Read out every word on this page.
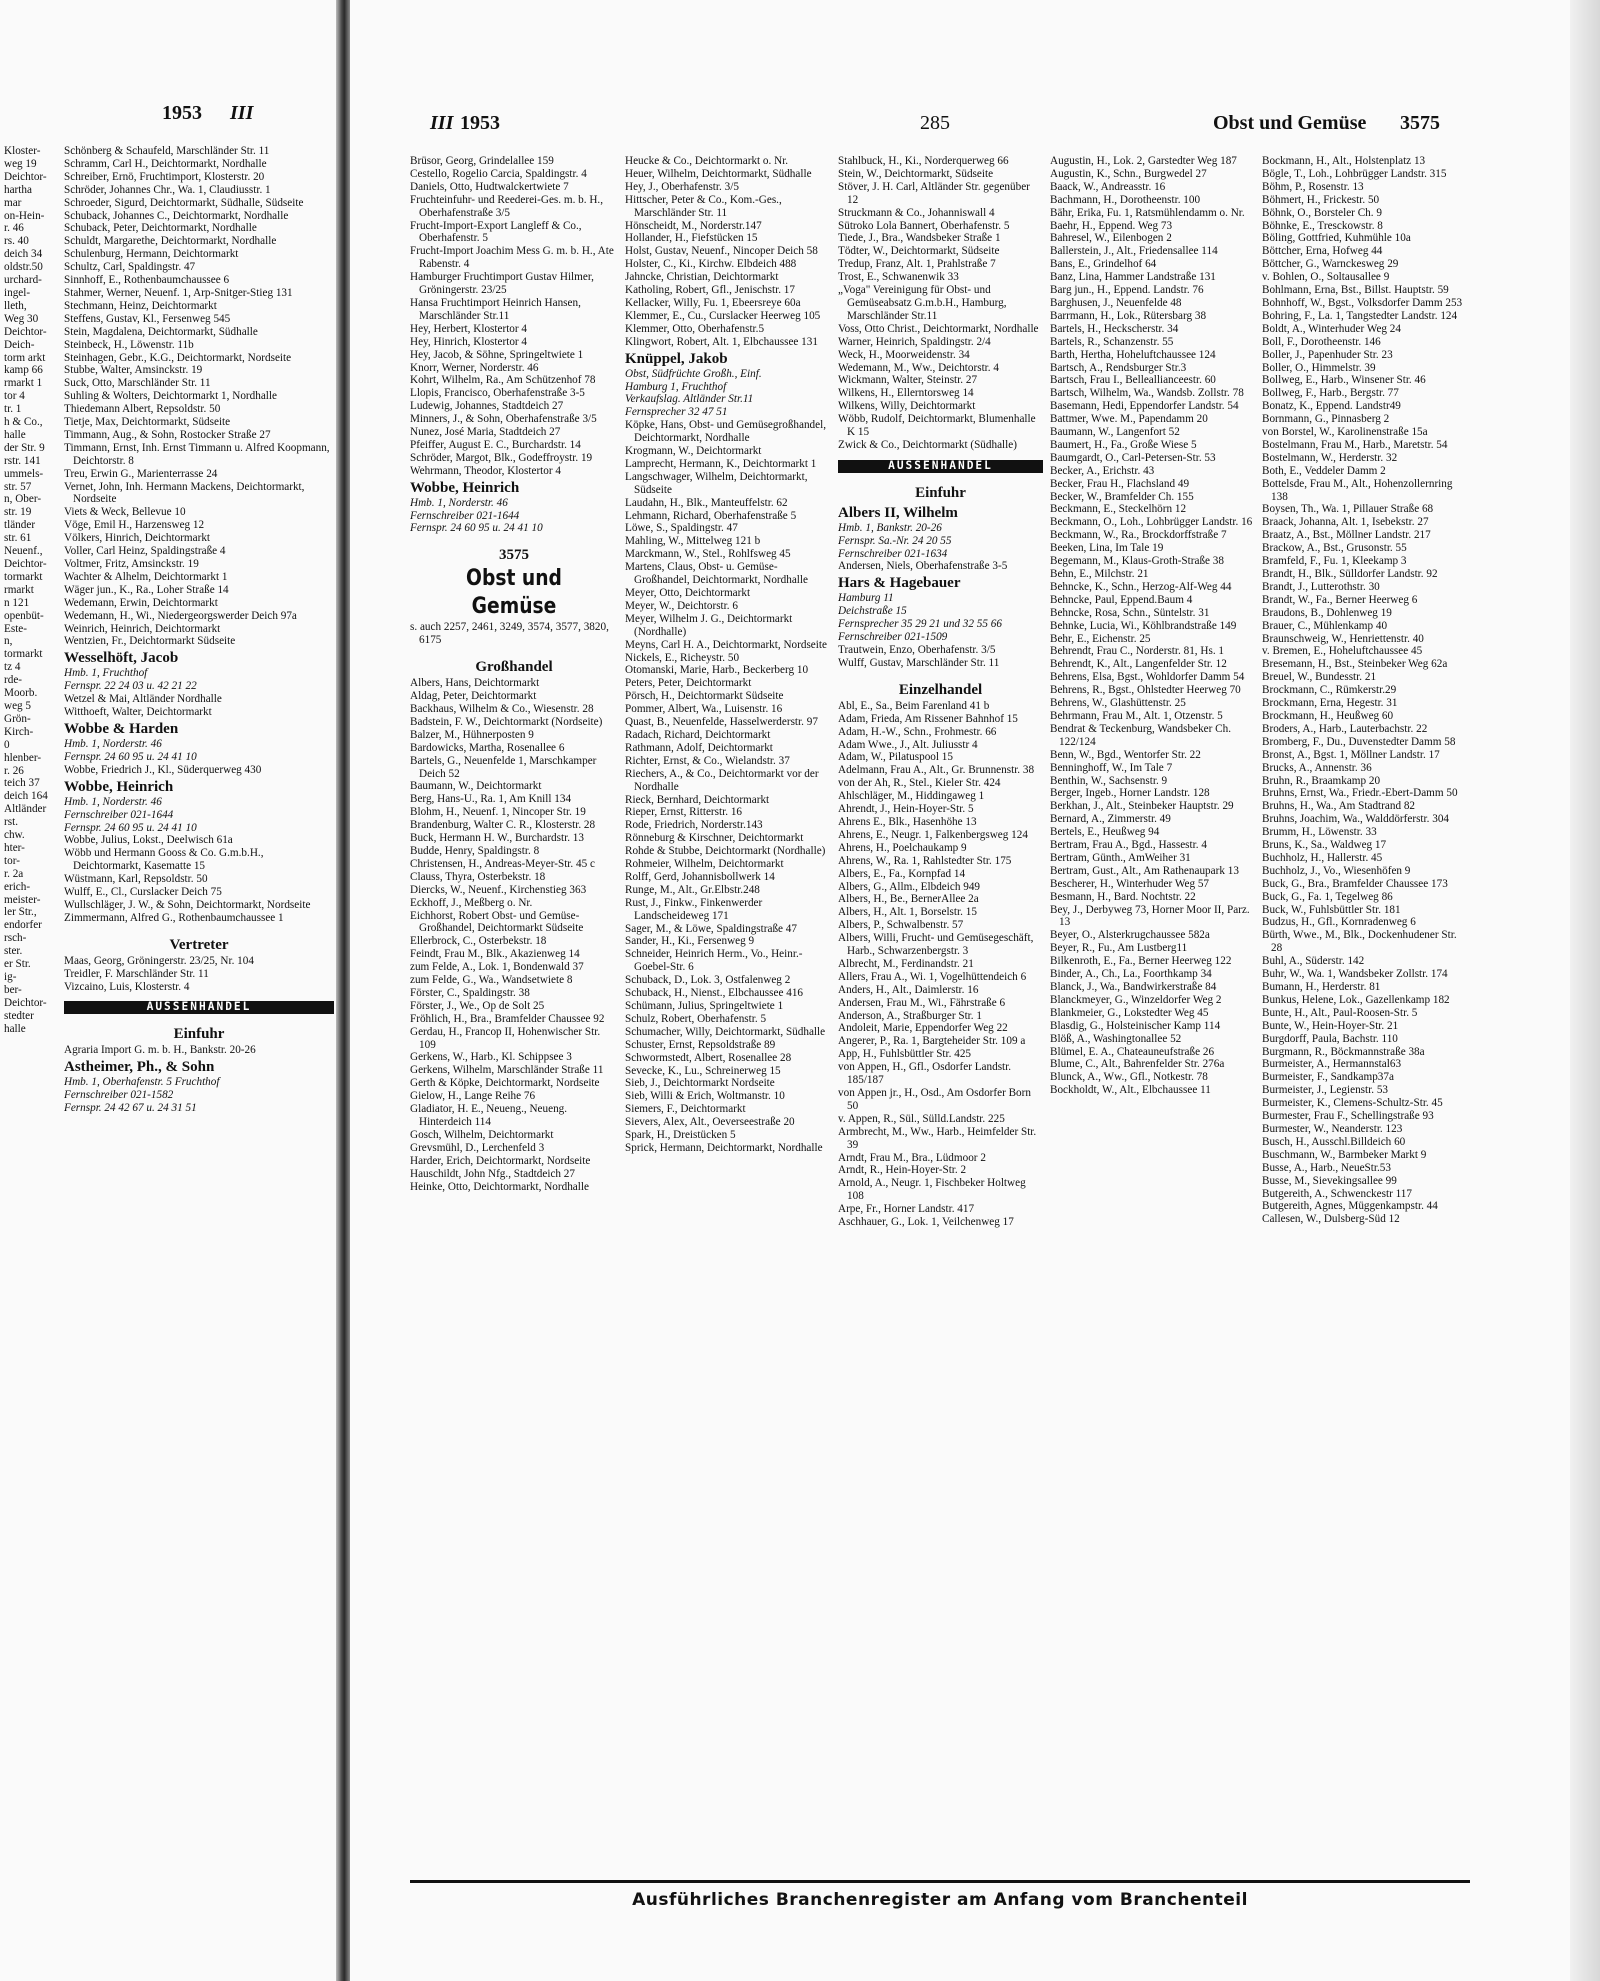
1953 III	III 1953	285	Obst und Gemüse 3575

Kloster-

weg 19

Deichtor-

hartha

mar

on-Hein-

r. 46

rs. 40

deich 34

oldstr.50

urchard-

ingel-

lleth,

Weg 30

Deichtor-

Deich-

torm arkt

kamp 66

rmarkt 1

tor 4

tr. 1

h & Co.,

halle

der Str. 9

rstr. 141

ummels-

str. 57

n, Ober-

str. 19

tländer

str. 61

Neuenf.,

Deichtor-

tormarkt

rmarkt

n 121

openbüt-

Este-

n,

tormarkt

tz 4

rde-

Moorb.

weg 5

Grön-

Kirch-

0

hlenber-

r. 26

teich 37

deich 164

Altländer

rst.

chw.

hter-

tor-

r. 2a

erich-

meister-

ler Str.,

endorfer

rsch-

ster.

er Str.

ig-

ber-

Deichtor-

stedter

halle

Schönberg & Schaufeld, Marschländer Str. 11

Schramm, Carl H., Deichtormarkt, Nordhalle

Schreiber, Ernö, Fruchtimport, Klosterstr. 20

Schröder, Johannes Chr., Wa. 1, Claudiusstr. 1

Schroeder, Sigurd, Deichtormarkt, Südhalle, Südseite

Schuback, Johannes C., Deichtormarkt, Nordhalle

Schuback, Peter, Deichtormarkt, Nordhalle

Schuldt, Margarethe, Deichtormarkt, Nordhalle

Schulenburg, Hermann, Deichtormarkt

Schultz, Carl, Spaldingstr. 47

Sinnhoff, E., Rothenbaumchaussee 6

Stahmer, Werner, Neuenf. 1, Arp-Snitger-Stieg 131

Stechmann, Heinz, Deichtormarkt

Steffens, Gustav, Kl., Fersenweg 545

Stein, Magdalena, Deichtormarkt, Südhalle

Steinbeck, H., Löwenstr. 11b

Steinhagen, Gebr., K.G., Deichtormarkt, Nordseite

Stubbe, Walter, Amsinckstr. 19

Suck, Otto, Marschländer Str. 11

Suhling & Wolters, Deichtormarkt 1, Nordhalle

Thiedemann Albert, Repsoldstr. 50

Tietje, Max, Deichtormarkt, Südseite

Timmann, Aug., & Sohn, Rostocker Straße 27

Timmann, Ernst, Inh. Ernst Timmann u. Alfred Koopmann, Deichtorstr. 8

Treu, Erwin G., Marienterrasse 24

Vernet, John, Inh. Hermann Mackens, Deichtormarkt, Nordseite

Viets & Weck, Bellevue 10

Vöge, Emil H., Harzensweg 12

Völkers, Hinrich, Deichtormarkt

Voller, Carl Heinz, Spaldingstraße 4

Voltmer, Fritz, Amsinckstr. 19

Wachter & Alhelm, Deichtormarkt 1

Wäger jun., K., Ra., Loher Straße 14

Wedemann, Erwin, Deichtormarkt

Wedemann, H., Wi., Niedergeorgswerder Deich 97a

Weinrich, Heinrich, Deichtormarkt

Wentzien, Fr., Deichtormarkt Südseite

Wesselhöft, Jacob

Hmb. 1, Fruchthof

Fernspr. 22 24 03 u. 42 21 22

Wetzel & Mai, Altländer Nordhalle

Witthoeft, Walter, Deichtormarkt

Wobbe & Harden

Hmb. 1, Norderstr. 46

Fernspr. 24 60 95 u. 24 41 10

Wobbe, Friedrich J., Kl., Süderquerweg 430

Wobbe, Heinrich

Hmb. 1, Norderstr. 46

Fernschreiber 021-1644

Fernspr. 24 60 95 u. 24 41 10

Wobbe, Julius, Lokst., Deelwisch 61a

Wöbb und Hermann Gooss & Co. G.m.b.H., Deichtormarkt, Kasematte 15

Wüstmann, Karl, Repsoldstr. 50

Wulff, E., Cl., Curslacker Deich 75

Wullschläger, J. W., & Sohn, Deichtormarkt, Nordseite

Zimmermann, Alfred G., Rothenbaumchaussee 1

Vertreter

Maas, Georg, Gröningerstr. 23/25, Nr. 104

Treidler, F. Marschländer Str. 11

Vizcaino, Luis, Klosterstr. 4

AUSSENHANDEL

Einfuhr

Agraria Import G. m. b. H., Bankstr. 20-26

Astheimer, Ph., & Sohn

Hmb. 1, Oberhafenstr. 5 Fruchthof

Fernschreiber 021-1582

Fernspr. 24 42 67 u. 24 31 51

Brüsor, Georg, Grindelallee 159

Cestello, Rogelio Carcia, Spaldingstr. 4

Daniels, Otto, Hudtwalckertwiete 7

Fruchteinfuhr- und Reederei-Ges. m. b. H., Oberhafenstraße 3/5

Frucht-Import-Export Langleff & Co., Oberhafenstr. 5

Frucht-Import Joachim Mess G. m. b. H., Ate Rabenstr. 4

Hamburger Fruchtimport Gustav Hilmer, Gröningerstr. 23/25

Hansa Fruchtimport Heinrich Hansen, Marschländer Str.11

Hey, Herbert, Klostertor 4

Hey, Hinrich, Klostertor 4

Hey, Jacob, & Söhne, Springeltwiete 1

Knorr, Werner, Norderstr. 46

Kohrt, Wilhelm, Ra., Am Schützenhof 78

Llopis, Francisco, Oberhafenstraße 3-5

Ludewig, Johannes, Stadtdeich 27

Minners, J., & Sohn, Oberhafenstraße 3/5

Nunez, José Maria, Stadtdeich 27

Pfeiffer, August E. C., Burchardstr. 14

Schröder, Margot, Blk., Godeffroystr. 19

Wehrmann, Theodor, Klostertor 4

Wobbe, Heinrich

Hmb. 1, Norderstr. 46

Fernschreiber 021-1644

Fernspr. 24 60 95 u. 24 41 10

3575

Obst und Gemüse

s. auch 2257, 2461, 3249, 3574, 3577, 3820, 6175

Großhandel

Albers, Hans, Deichtormarkt

Aldag, Peter, Deichtormarkt

Backhaus, Wilhelm & Co., Wiesenstr. 28

Badstein, F. W., Deichtormarkt (Nordseite)

Balzer, M., Hühnerposten 9

Bardowicks, Martha, Rosenallee 6

Bartels, G., Neuenfelde 1, Marschkamper Deich 52

Baumann, W., Deichtormarkt

Berg, Hans-U., Ra. 1, Am Knill 134

Blohm, H., Neuenf. 1, Nincoper Str. 19

Brandenburg, Walter C. R., Klosterstr. 28

Buck, Hermann H. W., Burchardstr. 13

Budde, Henry, Spaldingstr. 8

Christensen, H., Andreas-Meyer-Str. 45 c

Clauss, Thyra, Osterbekstr. 18

Diercks, W., Neuenf., Kirchenstieg 363

Eckhoff, J., Meßberg o. Nr.

Eichhorst, Robert Obst- und Gemüse-Großhandel, Deichtormarkt Südseite

Ellerbrock, C., Osterbekstr. 18

Feindt, Frau M., Blk., Akazienweg 14

zum Felde, A., Lok. 1, Bondenwald 37

zum Felde, G., Wa., Wandsetwiete 8

Förster, C., Spaldingstr. 38

Förster, J., We., Op de Solt 25

Fröhlich, H., Bra., Bramfelder Chaussee 92

Gerdau, H., Francop II, Hohenwischer Str. 109

Gerkens, W., Harb., Kl. Schippsee 3

Gerkens, Wilhelm, Marschländer Straße 11

Gerth & Köpke, Deichtormarkt, Nordseite

Gielow, H., Lange Reihe 76

Gladiator, H. E., Neueng., Neueng. Hinterdeich 114

Gosch, Wilhelm, Deichtormarkt

Grevsmühl, D., Lerchenfeld 3

Harder, Erich, Deichtormarkt, Nordseite

Hauschildt, John Nfg., Stadtdeich 27

Heinke, Otto, Deichtormarkt, Nordhalle

Heucke & Co., Deichtormarkt o. Nr.

Heuer, Wilhelm, Deichtormarkt, Südhalle

Hey, J., Oberhafenstr. 3/5

Hittscher, Peter & Co., Kom.-Ges., Marschländer Str. 11

Hönscheidt, M., Norderstr.147

Hollander, H., Fiefstücken 15

Holst, Gustav, Neuenf., Nincoper Deich 58

Holster, C., Ki., Kirchw. Elbdeich 488

Jahncke, Christian, Deichtormarkt

Katholing, Robert, Gfl., Jenischstr. 17

Kellacker, Willy, Fu. 1, Ebeersreye 60a

Klemmer, E., Cu., Curslacker Heerweg 105

Klemmer, Otto, Oberhafenstr.5

Klingwort, Robert, Alt. 1, Elbchaussee 131

Knüppel, Jakob

Obst, Südfrüchte Großh., Einf.

Hamburg 1, Fruchthof

Verkaufslag. Altländer Str.11

Fernsprecher 32 47 51

Köpke, Hans, Obst- und Gemüsegroßhandel, Deichtormarkt, Nordhalle

Krogmann, W., Deichtormarkt

Lamprecht, Hermann, K., Deichtormarkt 1

Langschwager, Wilhelm, Deichtormarkt, Südseite

Laudahn, H., Blk., Manteuffelstr. 62

Lehmann, Richard, Oberhafenstraße 5

Löwe, S., Spaldingstr. 47

Mahling, W., Mittelweg 121 b

Marckmann, W., Stel., Rohlfsweg 45

Martens, Claus, Obst- u. Gemüse-Großhandel, Deichtormarkt, Nordhalle

Meyer, Otto, Deichtormarkt

Meyer, W., Deichtorstr. 6

Meyer, Wilhelm J. G., Deichtormarkt (Nordhalle)

Meyns, Carl H. A., Deichtormarkt, Nordseite

Nickels, E., Richeystr. 50

Otomanski, Marie, Harb., Beckerberg 10

Peters, Peter, Deichtormarkt

Pörsch, H., Deichtormarkt Südseite

Pommer, Albert, Wa., Luisenstr. 16

Quast, B., Neuenfelde, Hasselwerderstr. 97

Radach, Richard, Deichtormarkt

Rathmann, Adolf, Deichtormarkt

Richter, Ernst, & Co., Wielandstr. 37

Riechers, A., & Co., Deichtormarkt vor der Nordhalle

Rieck, Bernhard, Deichtormarkt

Rieper, Ernst, Ritterstr. 16

Rode, Friedrich, Norderstr.143

Rönneburg & Kirschner, Deichtormarkt

Rohde & Stubbe, Deichtormarkt (Nordhalle)

Rohmeier, Wilhelm, Deichtormarkt

Rolff, Gerd, Johannisbollwerk 14

Runge, M., Alt., Gr.Elbstr.248

Rust, J., Finkw., Finkenwerder Landscheideweg 171

Sager, M., & Löwe, Spaldingstraße 47

Sander, H., Ki., Fersenweg 9

Schneider, Heinrich Herm., Vo., Heinr.-Goebel-Str. 6

Schuback, D., Lok. 3, Ostfalenweg 2

Schuback, H., Nienst., Elbchaussee 416

Schümann, Julius, Springeltwiete 1

Schulz, Robert, Oberhafenstr. 5

Schumacher, Willy, Deichtormarkt, Südhalle

Schuster, Ernst, Repsoldstraße 89

Schwormstedt, Albert, Rosenallee 28

Sevecke, K., Lu., Schreinerweg 15

Sieb, J., Deichtormarkt Nordseite

Sieb, Willi & Erich, Woltmanstr. 10

Siemers, F., Deichtormarkt

Sievers, Alex, Alt., Oeverseestraße 20

Spark, H., Dreistücken 5

Sprick, Hermann, Deichtormarkt, Nordhalle

Stahlbuck, H., Ki., Norderquerweg 66

Stein, W., Deichtormarkt, Südseite

Stöver, J. H. Carl, Altländer Str. gegenüber 12

Struckmann & Co., Johanniswall 4

Sütroko Lola Bannert, Oberhafenstr. 5

Tiede, J., Bra., Wandsbeker Straße 1

Tödter, W., Deichtormarkt, Südseite

Tredup, Franz, Alt. 1, Prahlstraße 7

Trost, E., Schwanenwik 33

„Voga" Vereinigung für Obst- und Gemüseabsatz G.m.b.H., Hamburg, Marschländer Str.11

Voss, Otto Christ., Deichtormarkt, Nordhalle

Warner, Heinrich, Spaldingstr. 2/4

Weck, H., Moorweidenstr. 34

Wedemann, M., Ww., Deichtorstr. 4

Wickmann, Walter, Steinstr. 27

Wilkens, H., Ellerntorsweg 14

Wilkens, Willy, Deichtormarkt

Wöbb, Rudolf, Deichtormarkt, Blumenhalle K 15

Zwick & Co., Deichtormarkt (Südhalle)

AUSSENHANDEL

Einfuhr

Albers II, Wilhelm

Hmb. 1, Bankstr. 20-26

Fernspr. Sa.-Nr. 24 20 55

Fernschreiber 021-1634

Andersen, Niels, Oberhafenstraße 3-5

Hars & Hagebauer

Hamburg 11

Deichstraße 15

Fernsprecher 35 29 21 und 32 55 66

Fernschreiber 021-1509

Trautwein, Enzo, Oberhafenstr. 3/5

Wulff, Gustav, Marschländer Str. 11

Einzelhandel

Abl, E., Sa., Beim Farenland 41 b

Adam, Frieda, Am Rissener Bahnhof 15

Adam, H.-W., Schn., Frohmestr. 66

Adam Wwe., J., Alt. Juliusstr 4

Adam, W., Pilatuspool 15

Adelmann, Frau A., Alt., Gr. Brunnenstr. 38

von der Ah, R., Stel., Kieler Str. 424

Ahlschläger, M., Hiddingaweg 1

Ahrendt, J., Hein-Hoyer-Str. 5

Ahrens E., Blk., Hasenhöhe 13

Ahrens, E., Neugr. 1, Falkenbergsweg 124

Ahrens, H., Poelchaukamp 9

Ahrens, W., Ra. 1, Rahlstedter Str. 175

Albers, E., Fa., Kornpfad 14

Albers, G., Allm., Elbdeich 949

Albers, H., Be., BernerAllee 2a

Albers, H., Alt. 1, Borselstr. 15

Albers, P., Schwalbenstr. 57

Albers, Willi, Frucht- und Gemüsegeschäft, Harb., Schwarzenbergstr. 3

Albrecht, M., Ferdinandstr. 21

Allers, Frau A., Wi. 1, Vogelhüttendeich 6

Anders, H., Alt., Daimlerstr. 16

Andersen, Frau M., Wi., Fährstraße 6

Anderson, A., Straßburger Str. 1

Andoleit, Marie, Eppendorfer Weg 22

Angerer, P., Ra. 1, Bargteheider Str. 109 a

App, H., Fuhlsbüttler Str. 425

von Appen, H., Gfl., Osdorfer Landstr. 185/187

von Appen jr., H., Osd., Am Osdorfer Born 50

v. Appen, R., Sül., Sülld.Landstr. 225

Armbrecht, M., Ww., Harb., Heimfelder Str. 39

Arndt, Frau M., Bra., Lüdmoor 2

Arndt, R., Hein-Hoyer-Str. 2

Arnold, A., Neugr. 1, Fischbeker Holtweg 108

Arpe, Fr., Horner Landstr. 417

Aschhauer, G., Lok. 1, Veilchenweg 17

Augustin, H., Lok. 2, Garstedter Weg 187

Augustin, K., Schn., Burgwedel 27

Baack, W., Andreasstr. 16

Bachmann, H., Dorotheenstr. 100

Bähr, Erika, Fu. 1, Ratsmühlendamm o. Nr.

Baehr, H., Eppend. Weg 73

Bahresel, W., Eilenbogen 2

Ballerstein, J., Alt., Friedensallee 114

Bans, E., Grindelhof 64

Banz, Lina, Hammer Landstraße 131

Barg jun., H., Eppend. Landstr. 76

Barghusen, J., Neuenfelde 48

Barrmann, H., Lok., Rütersbarg 38

Bartels, H., Heckscherstr. 34

Bartels, R., Schanzenstr. 55

Barth, Hertha, Hoheluftchaussee 124

Bartsch, A., Rendsburger Str.3

Bartsch, Frau I., Belleallianceestr. 60

Bartsch, Wilhelm, Wa., Wandsb. Zollstr. 78

Basemann, Hedi, Eppendorfer Landstr. 54

Battmer, Wwe. M., Papendamm 20

Baumann, W., Langenfort 52

Baumert, H., Fa., Große Wiese 5

Baumgardt, O., Carl-Petersen-Str. 53

Becker, A., Erichstr. 43

Becker, Frau H., Flachsland 49

Becker, W., Bramfelder Ch. 155

Beckmann, E., Steckelhörn 12

Beckmann, O., Loh., Lohbrügger Landstr. 16

Beckmann, W., Ra., Brockdorffstraße 7

Beeken, Lina, Im Tale 19

Begemann, M., Klaus-Groth-Straße 38

Behn, E., Milchstr. 21

Behncke, K., Schn., Herzog-Alf-Weg 44

Behncke, Paul, Eppend.Baum 4

Behncke, Rosa, Schn., Süntelstr. 31

Behnke, Lucia, Wi., Köhlbrandstraße 149

Behr, E., Eichenstr. 25

Behrendt, Frau C., Norderstr. 81, Hs. 1

Behrendt, K., Alt., Langenfelder Str. 12

Behrens, Elsa, Bgst., Wohldorfer Damm 54

Behrens, R., Bgst., Ohlstedter Heerweg 70

Behrens, W., Glashüttenstr. 25

Behrmann, Frau M., Alt. 1, Otzenstr. 5

Bendrat & Teckenburg, Wandsbeker Ch. 122/124

Benn, W., Bgd., Wentorfer Str. 22

Benninghoff, W., Im Tale 7

Benthin, W., Sachsenstr. 9

Berger, Ingeb., Horner Landstr. 128

Berkhan, J., Alt., Steinbeker Hauptstr. 29

Bernard, A., Zimmerstr. 49

Bertels, E., Heußweg 94

Bertram, Frau A., Bgd., Hassestr. 4

Bertram, Günth., AmWeiher 31

Bertram, Gust., Alt., Am Rathenaupark 13

Bescherer, H., Winterhuder Weg 57

Besmann, H., Bard. Nochtstr. 22

Bey, J., Derbyweg 73, Horner Moor II, Parz. 13

Beyer, O., Alsterkrugchaussee 582a

Beyer, R., Fu., Am Lustberg11

Bilkenroth, E., Fa., Berner Heerweg 122

Binder, A., Ch., La., Foorthkamp 34

Blanck, J., Wa., Bandwirkerstraße 84

Blanckmeyer, G., Winzeldorfer Weg 2

Blankmeier, G., Lokstedter Weg 45

Blasdig, G., Holsteinischer Kamp 114

Blöß, A., Washingtonallee 52

Blümel, E. A., Chateauneufstraße 26

Blume, C., Alt., Bahrenfelder Str. 276a

Blunck, A., Ww., Gfl., Notkestr. 78

Bockholdt, W., Alt., Elbchaussee 11

Bockmann, H., Alt., Holstenplatz 13

Bögle, T., Loh., Lohbrügger Landstr. 315

Böhm, P., Rosenstr. 13

Böhmert, H., Frickestr. 50

Böhnk, O., Borsteler Ch. 9

Böhnke, E., Tresckowstr. 8

Böling, Gottfried, Kuhmühle 10a

Böttcher, Erna, Hofweg 44

Böttcher, G., Warnckesweg 29

v. Bohlen, O., Soltausallee 9

Bohlmann, Erna, Bst., Billst. Hauptstr. 59

Bohnhoff, W., Bgst., Volksdorfer Damm 253

Bohring, F., La. 1, Tangstedter Landstr. 124

Boldt, A., Winterhuder Weg 24

Boll, F., Dorotheenstr. 146

Boller, J., Papenhuder Str. 23

Boller, O., Himmelstr. 39

Bollweg, E., Harb., Winsener Str. 46

Bollweg, F., Harb., Bergstr. 77

Bonatz, K., Eppend. Landstr49

Bornmann, G., Pinnasberg 2

von Borstel, W., Karolinenstraße 15a

Bostelmann, Frau M., Harb., Maretstr. 54

Bostelmann, W., Herderstr. 32

Both, E., Veddeler Damm 2

Bottelsde, Frau M., Alt., Hohenzollernring 138

Boysen, Th., Wa. 1, Pillauer Straße 68

Braack, Johanna, Alt. 1, Isebekstr. 27

Braatz, A., Bst., Möllner Landstr. 217

Brackow, A., Bst., Grusonstr. 55

Bramfeld, F., Fu. 1, Kleekamp 3

Brandt, H., Blk., Sülldorfer Landstr. 92

Brandt, J., Lutterothstr. 30

Brandt, W., Fa., Berner Heerweg 6

Braudons, B., Dohlenweg 19

Brauer, C., Mühlenkamp 40

Braunschweig, W., Henriettenstr. 40

v. Bremen, E., Hoheluftchaussee 45

Bresemann, H., Bst., Steinbeker Weg 62a

Breuel, W., Bundesstr. 21

Brockmann, C., Rümkerstr.29

Brockmann, Erna, Hegestr. 31

Brockmann, H., Heußweg 60

Broders, A., Harb., Lauterbachstr. 22

Bromberg, F., Du., Duvenstedter Damm 58

Bronst, A., Bgst. 1, Möllner Landstr. 17

Brucks, A., Annenstr. 36

Bruhn, R., Braamkamp 20

Bruhns, Ernst, Wa., Friedr.-Ebert-Damm 50

Bruhns, H., Wa., Am Stadtrand 82

Bruhns, Joachim, Wa., Walddörferstr. 304

Brumm, H., Löwenstr. 33

Bruns, K., Sa., Waldweg 17

Buchholz, H., Hallerstr. 45

Buchholz, J., Vo., Wiesenhöfen 9

Buck, G., Bra., Bramfelder Chaussee 173

Buck, G., Fa. 1, Tegelweg 86

Buck, W., Fuhlsbüttler Str. 181

Budzus, H., Gfl., Kornradenweg 6

Bürth, Wwe., M., Blk., Dockenhudener Str. 28

Buhl, A., Süderstr. 142

Buhr, W., Wa. 1, Wandsbeker Zollstr. 174

Bumann, H., Herderstr. 81

Bunkus, Helene, Lok., Gazellenkamp 182

Bunte, H., Alt., Paul-Roosen-Str. 5

Bunte, W., Hein-Hoyer-Str. 21

Burgdorff, Paula, Bachstr. 110

Burgmann, R., Böckmannstraße 38a

Burmeister, A., Hermannstal63

Burmeister, F., Sandkamp37a

Burmeister, J., Legienstr. 53

Burmeister, K., Clemens-Schultz-Str. 45

Burmester, Frau F., Schellingstraße 93

Burmester, W., Neanderstr. 123

Busch, H., Ausschl.Billdeich 60

Buschmann, W., Barmbeker Markt 9

Busse, A., Harb., NeueStr.53

Busse, M., Sievekingsallee 99

Butgereith, A., Schwenckestr 117

Butgereith, Agnes, Müggenkampstr. 44

Callesen, W., Dulsberg-Süd 12

Ausführliches Branchenregister am Anfang vom Branchenteil
